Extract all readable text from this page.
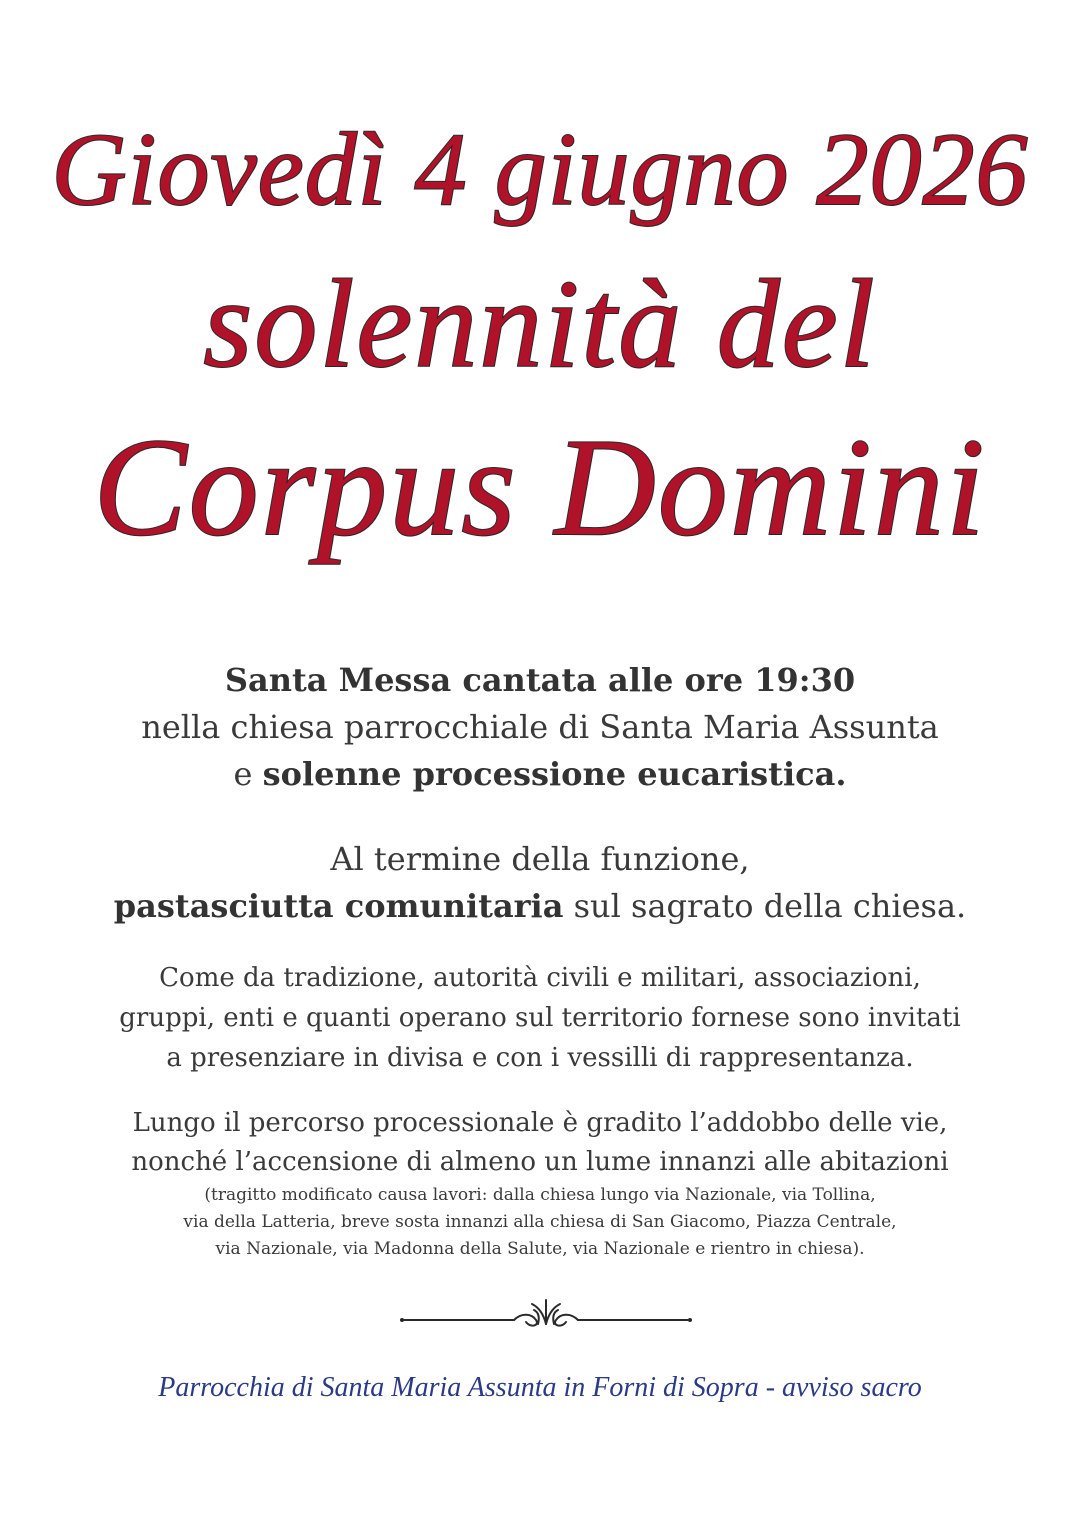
Giovedì 4 giugno 2026
solennità del
Corpus Domini
Santa Messa cantata alle ore 19:30
nella chiesa parrocchiale di Santa Maria Assunta
e solenne processione eucaristica.
Al termine della funzione,
pastasciutta comunitaria sul sagrato della chiesa.
Come da tradizione, autorità civili e militari, associazioni,
gruppi, enti e quanti operano sul territorio fornese sono invitati
a presenziare in divisa e con i vessilli di rappresentanza.
Lungo il percorso processionale è gradito l’addobbo delle vie,
nonché l’accensione di almeno un lume innanzi alle abitazioni
(tragitto modificato causa lavori: dalla chiesa lungo via Nazionale, via Tollina,
via della Latteria, breve sosta innanzi alla chiesa di San Giacomo, Piazza Centrale,
via Nazionale, via Madonna della Salute, via Nazionale e rientro in chiesa).
Parrocchia di Santa Maria Assunta in Forni di Sopra - avviso sacro
